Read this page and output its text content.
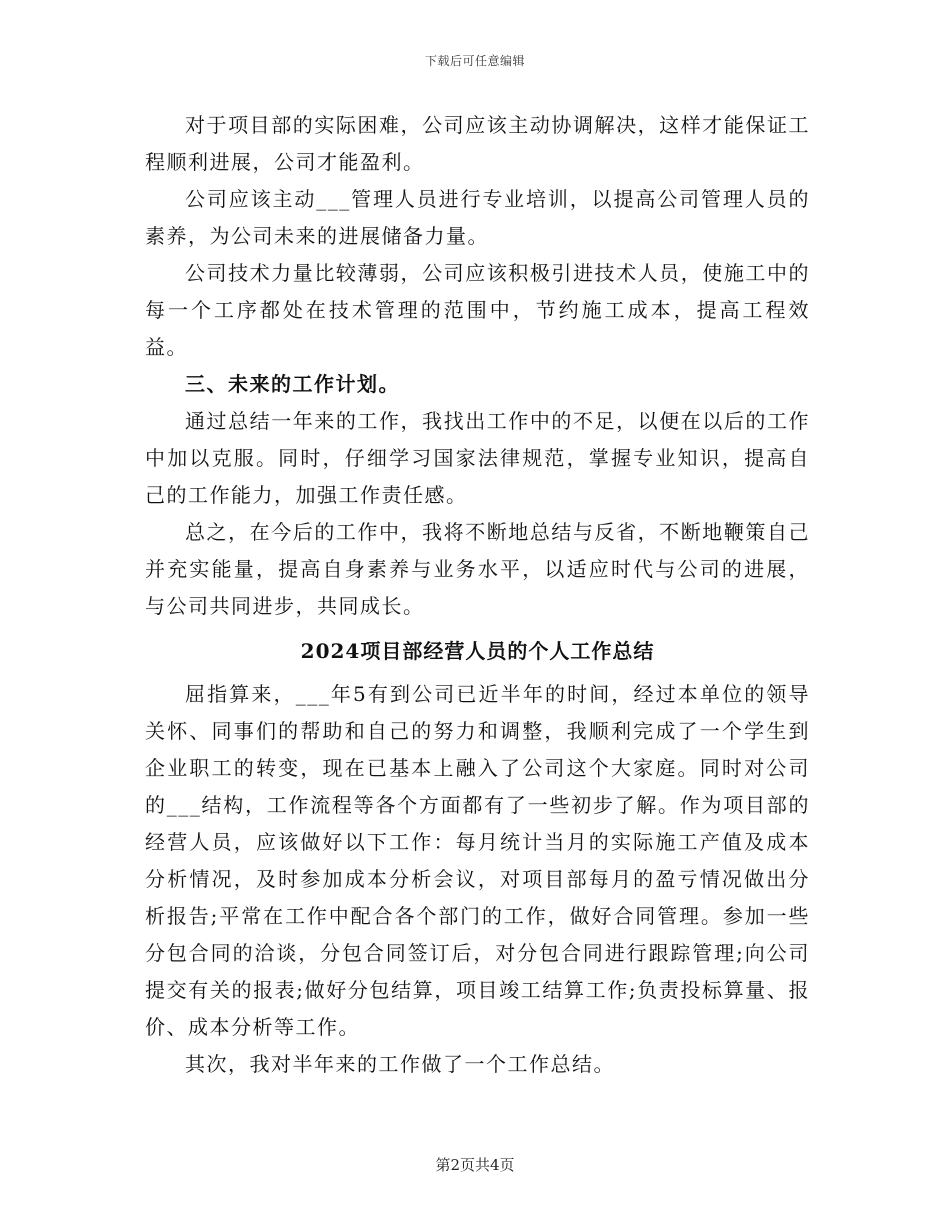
下载后可任意编辑

对于项目部的实际困难，公司应该主动协调解决，这样才能保证工程顺利进展，公司才能盈利。

公司应该主动___管理人员进行专业培训，以提高公司管理人员的素养，为公司未来的进展储备力量。

公司技术力量比较薄弱，公司应该积极引进技术人员，使施工中的每一个工序都处在技术管理的范围中，节约施工成本，提高工程效益。

三、未来的工作计划。

通过总结一年来的工作，我找出工作中的不足，以便在以后的工作中加以克服。同时，仔细学习国家法律规范，掌握专业知识，提高自己的工作能力，加强工作责任感。

总之，在今后的工作中，我将不断地总结与反省，不断地鞭策自己并充实能量，提高自身素养与业务水平，以适应时代与公司的进展，与公司共同进步，共同成长。

2024项目部经营人员的个人工作总结

屈指算来，___年5有到公司已近半年的时间，经过本单位的领导关怀、同事们的帮助和自己的努力和调整，我顺利完成了一个学生到企业职工的转变，现在已基本上融入了公司这个大家庭。同时对公司的___结构，工作流程等各个方面都有了一些初步了解。作为项目部的经营人员，应该做好以下工作：每月统计当月的实际施工产值及成本分析情况，及时参加成本分析会议，对项目部每月的盈亏情况做出分析报告;平常在工作中配合各个部门的工作，做好合同管理。参加一些分包合同的洽谈，分包合同签订后，对分包合同进行跟踪管理;向公司提交有关的报表;做好分包结算，项目竣工结算工作;负责投标算量、报价、成本分析等工作。

其次，我对半年来的工作做了一个工作总结。

第2页共4页
